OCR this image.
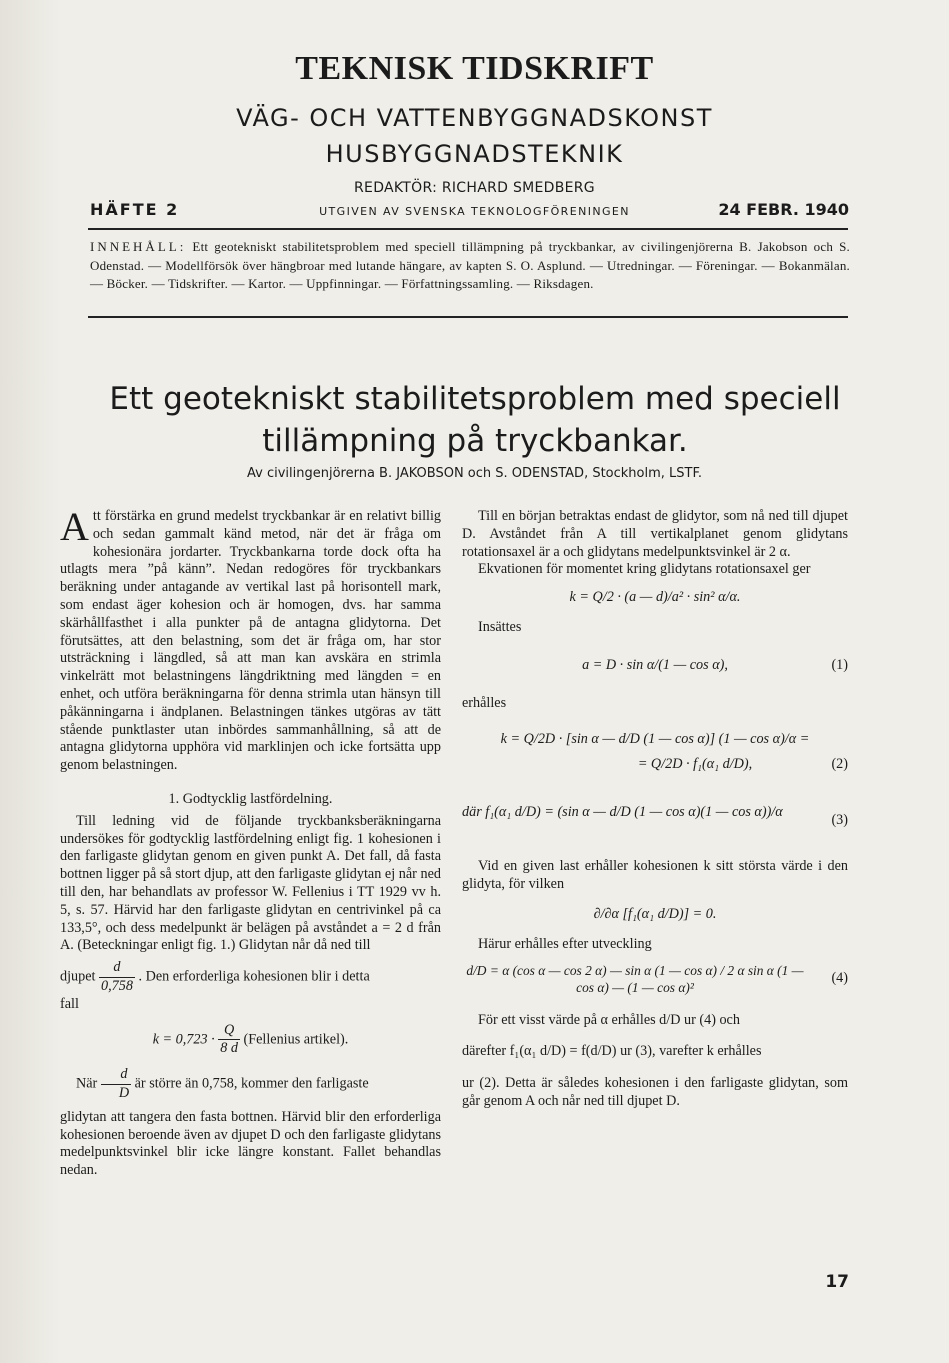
TEKNISK TIDSKRIFT
VÄG- OCH VATTENBYGGNADSKONST
HUSBYGGNADSTEKNIK
REDAKTÖR: RICHARD SMEDBERG
HÄFTE 2	UTGIVEN AV SVENSKA TEKNOLOGFÖRENINGEN	24 FEBR. 1940
INNEHÅLL: Ett geotekniskt stabilitetsproblem med speciell tillämpning på tryckbankar, av civilingenjörerna B. Jakobson och S. Odenstad. — Modellförsök över hängbroar med lutande hängare, av kapten S. O. Asplund. — Utredningar. — Föreningar. — Bokanmälan. — Böcker. — Tidskrifter. — Kartor. — Uppfinningar. — Författningssamling. — Riksdagen.
Ett geotekniskt stabilitetsproblem med speciell
tillämpning på tryckbankar.
Av civilingenjörerna B. JAKOBSON och S. ODENSTAD, Stockholm, LSTF.
A tt förstärka en grund medelst tryckbankar är en relativt billig och sedan gammalt känd metod, när det är fråga om kohesionära jordarter. Tryckbankarna torde dock ofta ha utlagts mera ”på känn”. Nedan redogöres för tryckbankars beräkning under antagande av vertikal last på horisontell mark, som endast äger kohesion och är homogen, dvs. har samma skärhållfasthet i alla punkter på de antagna glidytorna. Det förutsättes, att den belastning, som det är fråga om, har stor utsträckning i längdled, så att man kan avskära en strimla vinkelrätt mot belastningens längdriktning med längden = en enhet, och utföra beräkningarna för denna strimla utan hänsyn till påkänningarna i ändplanen. Belastningen tänkes utgöras av tätt stående punktlaster utan inbördes sammanhållning, så att de antagna glidytorna upphöra vid marklinjen och icke fortsätta upp genom belastningen.
1. Godtycklig lastfördelning.
Till ledning vid de följande tryckbanksberäkningarna undersökes för godtycklig lastfördelning enligt fig. 1 kohesionen i den farligaste glidytan genom en given punkt A. Det fall, då fasta bottnen ligger på så stort djup, att den farligaste glidytan ej når ned till den, har behandlats av professor W. Fellenius i TT 1929 vv h. 5, s. 57. Härvid har den farligaste glidytan en centrivinkel på ca 133,5°, och dess medelpunkt är belägen på avståndet a = 2 d från A. (Beteckningar enligt fig. 1.) Glidytan når då ned till
djupet $\frac{d}{0,758}$ . Den erforderliga kohesionen blir i detta
fall
$k = 0,723 \cdot \frac{Q}{8 d}$ (Fellenius artikel).
När $\frac{d}{D}$ är större än 0,758, kommer den farligaste
glidytan att tangera den fasta bottnen. Härvid blir den erforderliga kohesionen beroende även av djupet D och den farligaste glidytans medelpunktsvinkel blir icke längre konstant. Fallet behandlas nedan.
Till en början betraktas endast de glidytor, som nå ned till djupet D. Avståndet från A till vertikalplanet genom glidytans rotationsaxel är a och glidytans medelpunktsvinkel är 2 α.
Ekvationen för momentet kring glidytans rotationsaxel ger
k = Q/2 · (a — d)/a² · sin² α/α.
Insättes
a = D · sin α/(1 — cos α),	(1)
erhålles
k = Q/2D · [sin α — d/D (1 — cos α)] (1 — cos α)/α =
= Q/2D · f₁(α₁ d/D),	(2)
där f₁(α₁ d/D) = (sin α — d/D (1 — cos α)(1 — cos α))/α	(3)
Vid en given last erhåller kohesionen k sitt största värde i den glidyta, för vilken
∂/∂α [f₁(α₁ d/D)] = 0.
Härur erhålles efter utveckling
d/D = α (cos α — cos 2 α) — sin α (1 — cos α) / 2 α sin α (1 — cos α) — (1 — cos α)²
(4)
För ett visst värde på α erhålles d/D ur (4) och
därefter f₁(α₁ d/D) = f(d/D) ur (3), varefter k erhålles
ur (2). Detta är således kohesionen i den farligaste glidytan, som går genom A och når ned till djupet D.
17
